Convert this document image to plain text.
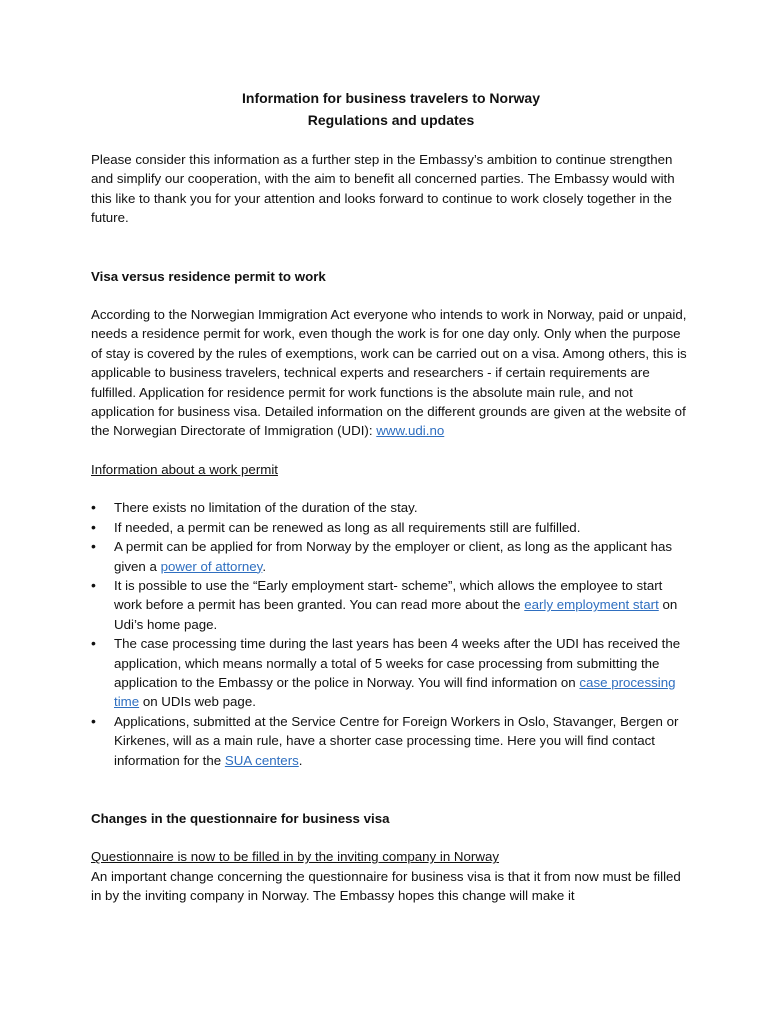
Information for business travelers to Norway

Regulations and updates

Please consider this information as a further step in the Embassy’s ambition to continue strengthen and simplify our cooperation, with the aim to benefit all concerned parties. The Embassy would with this like to thank you for your attention and looks forward to continue to work closely together in the future.

Visa versus residence permit to work

According to the Norwegian Immigration Act everyone who intends to work in Norway, paid or unpaid, needs a residence permit for work, even though the work is for one day only. Only when the purpose of stay is covered by the rules of exemptions, work can be carried out on a visa. Among others, this is applicable to business travelers, technical experts and researchers - if certain requirements are fulfilled. Application for residence permit for work functions is the absolute main rule, and not application for business visa. Detailed information on the different grounds are given at the website of the Norwegian Directorate of Immigration (UDI): www.udi.no

Information about a work permit

• There exists no limitation of the duration of the stay.
• If needed, a permit can be renewed as long as all requirements still are fulfilled.
• A permit can be applied for from Norway by the employer or client, as long as the applicant has given a power of attorney.
• It is possible to use the “Early employment start- scheme”, which allows the employee to start work before a permit has been granted. You can read more about the early employment start on Udi’s home page.
• The case processing time during the last years has been 4 weeks after the UDI has received the application, which means normally a total of 5 weeks for case processing from submitting the application to the Embassy or the police in Norway. You will find information on case processing time on UDIs web page.
• Applications, submitted at the Service Centre for Foreign Workers in Oslo, Stavanger, Bergen or Kirkenes, will as a main rule, have a shorter case processing time. Here you will find contact information for the SUA centers.
Changes in the questionnaire for business visa

Questionnaire is now to be filled in by the inviting company in Norway

An important change concerning the questionnaire for business visa is that it from now must be filled in by the inviting company in Norway. The Embassy hopes this change will make it
